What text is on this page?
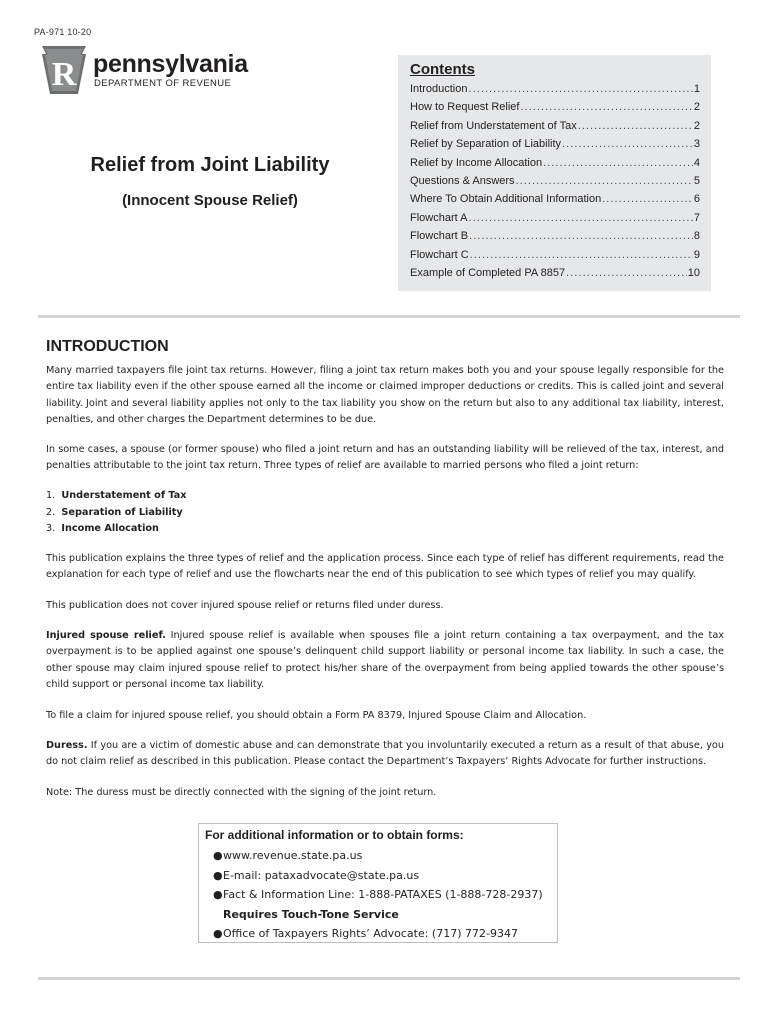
PA-971 10-20
R pennsylvania
DEPARTMENT OF REVENUE
Relief from Joint Liability
(Innocent Spouse Relief)
Contents
Introduction . . .	1
How to Request Relief . . .	2
Relief from Understatement of Tax . . .	2
Relief by Separation of Liability . . .	3
Relief by Income Allocation . . .	4
Questions & Answers . . .	5
Where To Obtain Additional Information . . .	6
Flowchart A . . .	7
Flowchart B . . .	8
Flowchart C . . .	9
Example of Completed PA 8857 . . .	10
INTRODUCTION
Many married taxpayers file joint tax returns. However, filing a joint tax return makes both you and your spouse legally responsible for the entire tax liability even if the other spouse earned all the income or claimed improper deductions or credits. This is called joint and several liability. Joint and several liability applies not only to the tax liability you show on the return but also to any additional tax liability, interest, penalties, and other charges the Department determines to be due.
In some cases, a spouse (or former spouse) who filed a joint return and has an outstanding liability will be relieved of the tax, interest, and penalties attributable to the joint tax return. Three types of relief are available to married persons who filed a joint return:
1. Understatement of Tax
2. Separation of Liability
3. Income Allocation
This publication explains the three types of relief and the application process. Since each type of relief has different requirements, read the explanation for each type of relief and use the flowcharts near the end of this publication to see which types of relief you may qualify.
This publication does not cover injured spouse relief or returns filed under duress.
Injured spouse relief. Injured spouse relief is available when spouses file a joint return containing a tax overpayment, and the tax overpayment is to be applied against one spouse’s delinquent child support liability or personal income tax liability. In such a case, the other spouse may claim injured spouse relief to protect his/her share of the overpayment from being applied towards the other spouse’s child support or personal income tax liability.
To file a claim for injured spouse relief, you should obtain a Form PA 8379, Injured Spouse Claim and Allocation.
Duress. If you are a victim of domestic abuse and can demonstrate that you involuntarily executed a return as a result of that abuse, you do not claim relief as described in this publication. Please contact the Department’s Taxpayers’ Rights Advocate for further instructions.
Note: The duress must be directly connected with the signing of the joint return.
For additional information or to obtain forms:
●www.revenue.state.pa.us
●E-mail: pataxadvocate@state.pa.us
●Fact & Information Line: 1-888-PATAXES (1-888-728-2937)
Requires Touch-Tone Service
●Office of Taxpayers Rights’ Advocate: (717) 772-9347
